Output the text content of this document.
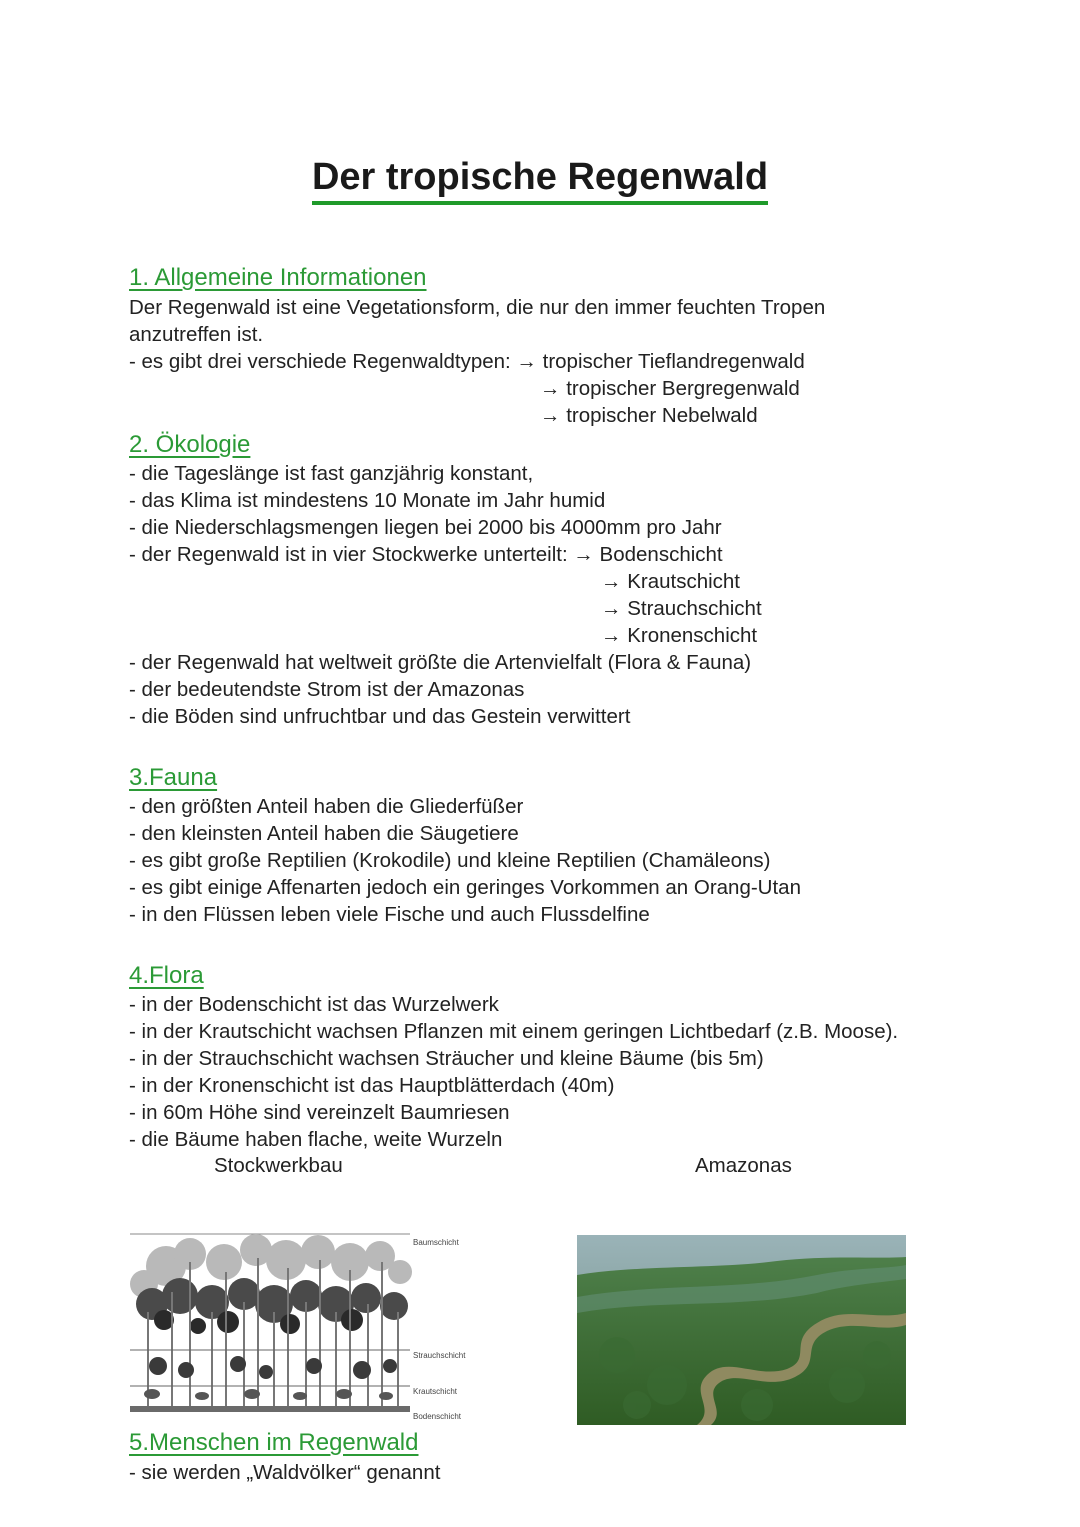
Der tropische Regenwald
1. Allgemeine Informationen
Der Regenwald ist eine Vegetationsform, die nur den immer feuchten Tropen
anzutreffen ist.
- es gibt drei verschiede Regenwaldtypen: → tropischer Tieflandregenwald
→ tropischer Bergregenwald
→ tropischer Nebelwald
2. Ökologie
- die Tageslänge ist fast ganzjährig konstant,
- das Klima ist mindestens 10 Monate im Jahr humid
- die Niederschlagsmengen liegen bei 2000 bis 4000mm pro Jahr
- der Regenwald ist in vier Stockwerke unterteilt: → Bodenschicht
→ Krautschicht
→ Strauchschicht
→ Kronenschicht
- der Regenwald hat weltweit größte die Artenvielfalt (Flora & Fauna)
- der bedeutendste Strom ist der Amazonas
- die Böden sind unfruchtbar und das Gestein verwittert
3.Fauna
- den größten Anteil haben die Gliederfüßer
- den kleinsten Anteil haben die Säugetiere
- es gibt große Reptilien (Krokodile) und kleine Reptilien (Chamäleons)
- es gibt einige Affenarten jedoch ein geringes Vorkommen an Orang-Utan
- in den Flüssen leben viele Fische und auch Flussdelfine
4.Flora
- in der Bodenschicht ist das Wurzelwerk
- in der Krautschicht wachsen Pflanzen mit einem geringen Lichtbedarf (z.B. Moose).
- in der Strauchschicht wachsen Sträucher und kleine Bäume (bis 5m)
- in der Kronenschicht ist das Hauptblätterdach (40m)
- in 60m Höhe sind vereinzelt Baumriesen
- die Bäume haben flache, weite Wurzeln
Stockwerkbau	Amazonas
Baumschicht
Strauchschicht
Krautschicht
Bodenschicht
5.Menschen im Regenwald
- sie werden „Waldvölker“ genannt
